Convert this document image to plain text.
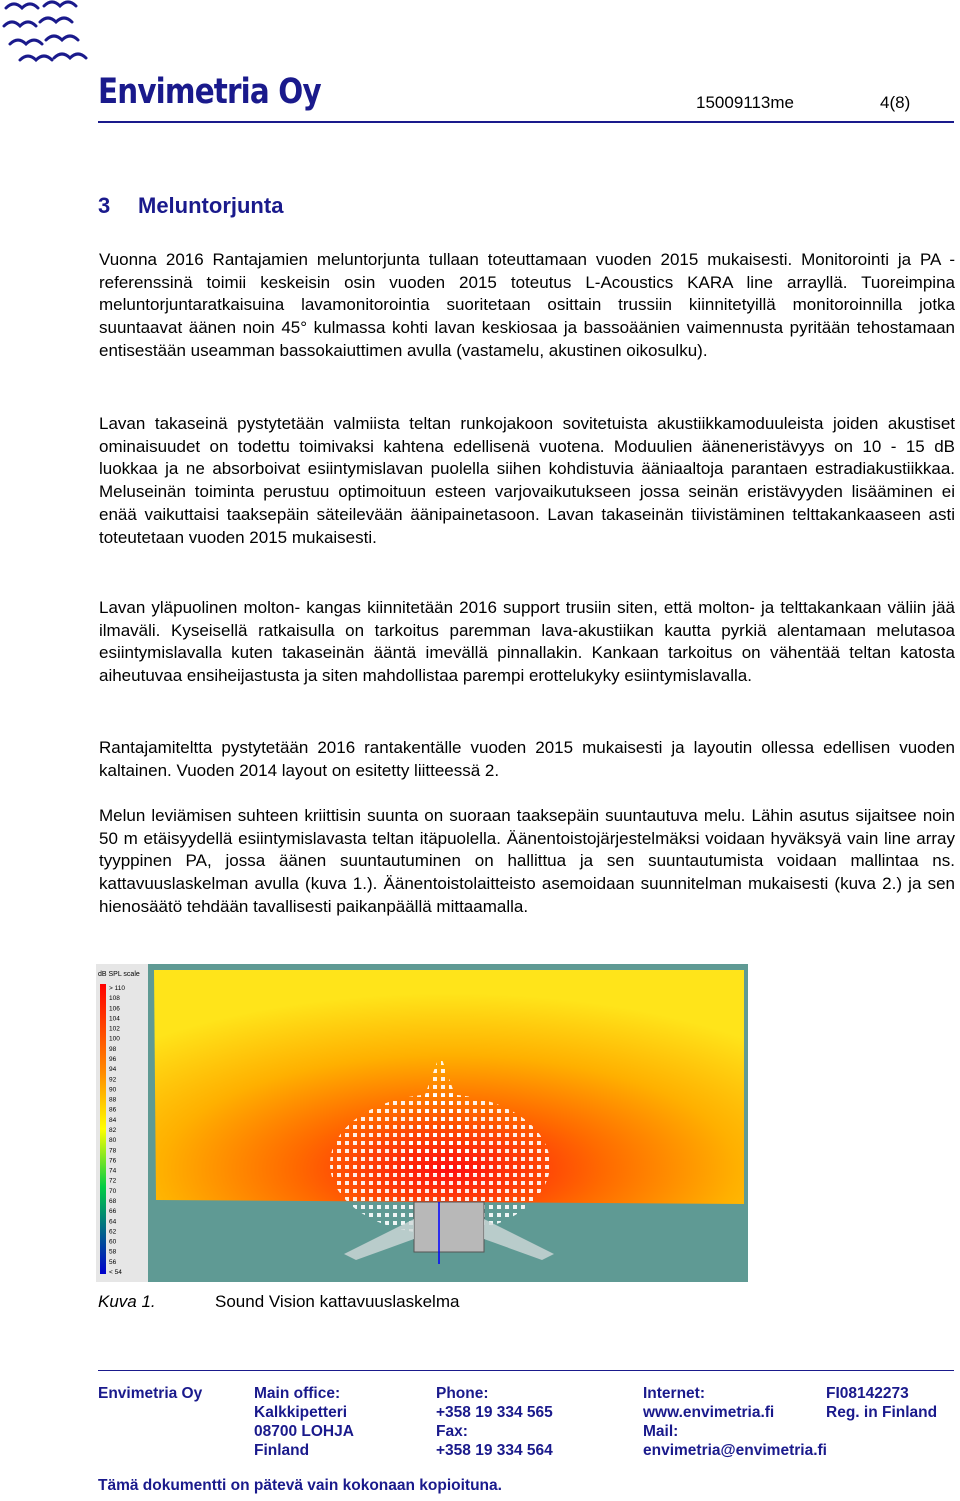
Envimetria Oy	15009113me	4(8)
3 Meluntorjunta

Vuonna 2016 Rantajamien meluntorjunta tullaan toteuttamaan vuoden 2015 mukaisesti. Monitorointi ja PA -referenssinä toimii keskeisin osin vuoden 2015 toteutus L-Acoustics KARA line arrayllä. Tuoreimpina meluntorjuntaratkaisuina lavamonitorointia suoritetaan osittain trussiin kiinnitetyillä monitoroinnilla jotka suuntaavat äänen noin 45° kulmassa kohti lavan keskiosaa ja bassoäänien vaimennusta pyritään tehostamaan entisestään useamman bassokaiuttimen avulla (vastamelu, akustinen oikosulku).

Lavan takaseinä pystytetään valmiista teltan runkojakoon sovitetuista akustiikkamoduuleista joiden akustiset ominaisuudet on todettu toimivaksi kahtena edellisenä vuotena. Moduulien ääneneristävyys on 10 - 15 dB luokkaa ja ne absorboivat esiintymislavan puolella siihen kohdistuvia ääniaaltoja parantaen estradiakustiikkaa. Meluseinän toiminta perustuu optimoituun esteen varjovaikutukseen jossa seinän eristävyyden lisääminen ei enää vaikuttaisi taaksepäin säteilevään äänipainetasoon. Lavan takaseinän tiivistäminen telttakankaaseen asti toteutetaan vuoden 2015 mukaisesti.

Lavan yläpuolinen molton- kangas kiinnitetään 2016 support trusiin siten, että molton- ja telttakankaan väliin jää ilmaväli. Kyseisellä ratkaisulla on tarkoitus paremman lava-akustiikan kautta pyrkiä alentamaan melutasoa esiintymislavalla kuten takaseinän ääntä imevällä pinnallakin. Kankaan tarkoitus on vähentää teltan katosta aiheutuvaa ensiheijastusta ja siten mahdollistaa parempi erottelukyky esiintymislavalla.

Rantajamiteltta pystytetään 2016 rantakentälle vuoden 2015 mukaisesti ja layoutin ollessa edellisen vuoden kaltainen. Vuoden 2014 layout on esitetty liitteessä 2.

Melun leviämisen suhteen kriittisin suunta on suoraan taaksepäin suuntautuva melu. Lähin asutus sijaitsee noin 50 m etäisyydellä esiintymislavasta teltan itäpuolella. Äänentoistojärjestelmäksi voidaan hyväksyä vain line array tyyppinen PA, jossa äänen suuntautuminen on hallittua ja sen suuntautumista voidaan mallintaa ns. kattavuuslaskelman avulla (kuva 1.). Äänentoistolaitteisto asemoidaan suunnitelman mukaisesti (kuva 2.) ja sen hienosäätö tehdään tavallisesti paikanpäällä mittaamalla.

dB SPL scale
> 110
108
106
104
102
100
98
96
94
92
90
88
86
84
82
80
78
76
74
72
70
68
66
64
62
60
58
56
< 54
Kuva 1.	Sound Vision kattavuuslaskelma
Envimetria Oy	Main office:
Kalkkipetteri
08700 LOHJA
Finland
Phone:
+358 19 334 565
Fax:
+358 19 334 564
Internet:
www.envimetria.fi
Mail:
envimetria@envimetria.fi
FI08142273
Reg. in Finland
Tämä dokumentti on pätevä vain kokonaan kopioituna.
